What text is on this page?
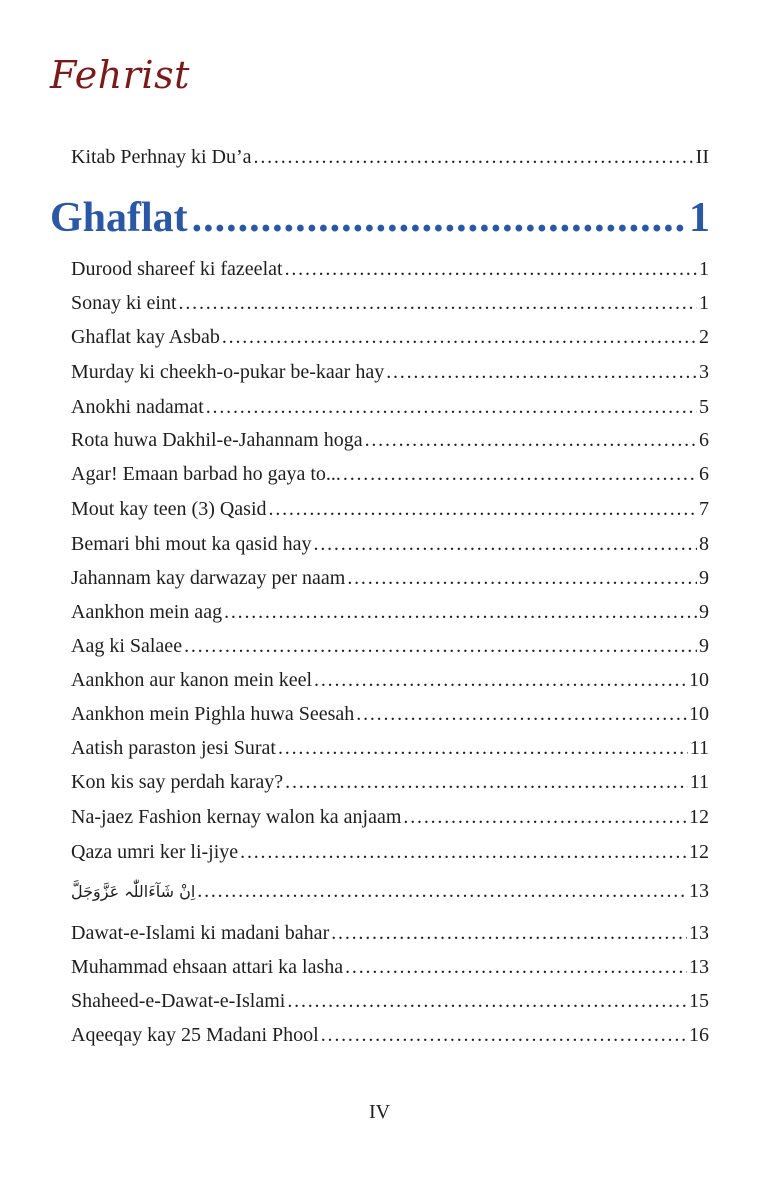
Fehrist
Kitab Perhnay ki Du’a . . .	II
Ghaflat .....	1
Durood shareef ki fazeelat . . .	1
Sonay ki eint . . .	1
Ghaflat kay Asbab . . .	2
Murday ki cheekh-o-pukar be-kaar hay . . .	3
Anokhi nadamat . . .	5
Rota huwa Dakhil-e-Jahannam hoga . . .	6
Agar! Emaan barbad ho gaya to... . . .	6
Mout kay teen (3) Qasid . . .	7
Bemari bhi mout ka qasid hay . . .	8
Jahannam kay darwazay per naam . . .	9
Aankhon mein aag . . .	9
Aag ki Salaee . . .	9
Aankhon aur kanon mein keel . . .	10
Aankhon mein Pighla huwa Seesah . . .	10
Aatish paraston jesi Surat . . .	11
Kon kis say perdah karay? . . .	11
Na-jaez Fashion kernay walon ka anjaam . . .	12
Qaza umri ker li-jiye . . .	12
اِنْ شَآءَاللّٰہ عَزَّوَجَلَّ . . .	13
Dawat-e-Islami ki madani bahar . . .	13
Muhammad ehsaan attari ka lasha . . .	13
Shaheed-e-Dawat-e-Islami . . .	15
Aqeeqay kay 25 Madani Phool . . .	16
IV
